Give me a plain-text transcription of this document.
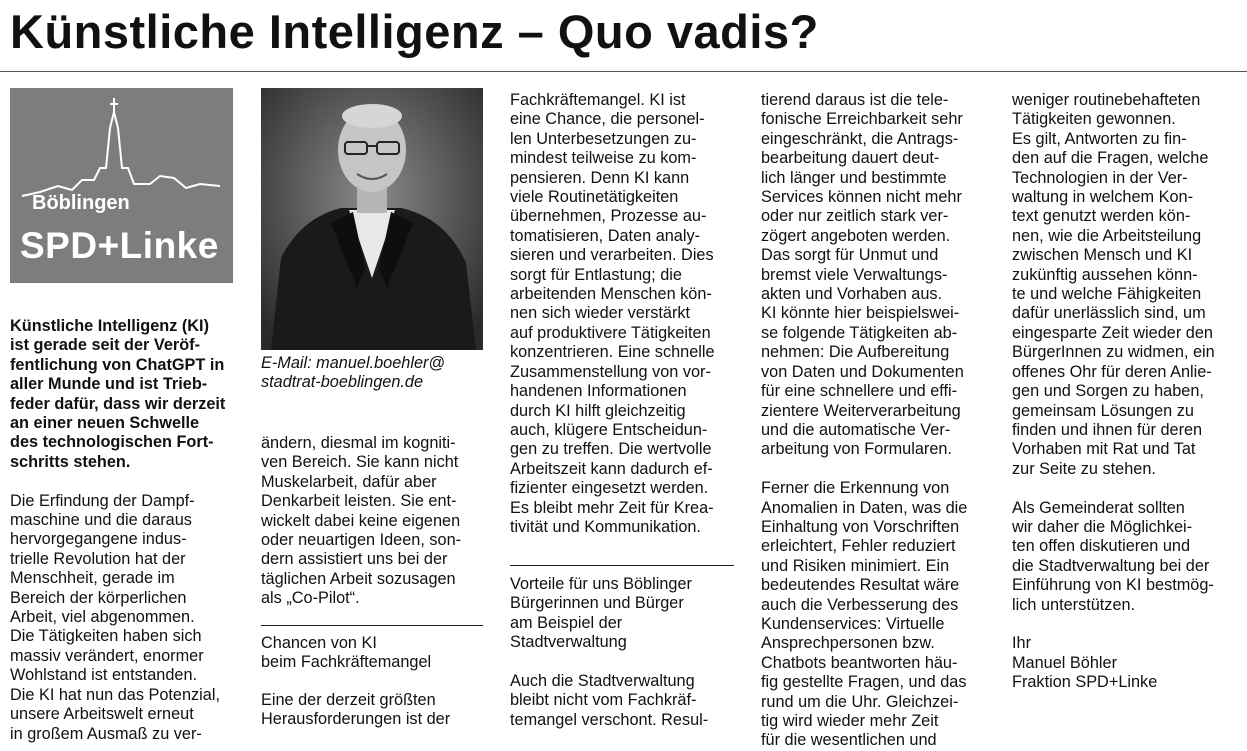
Künstliche Intelligenz – Quo vadis?
Böblingen
SPD+Linke
E-Mail: manuel.boehler@
stadtrat-boeblingen.de

Künstliche Intelligenz (KI)
ist gerade seit der Veröf-
fentlichung von ChatGPT in
aller Munde und ist Trieb-
feder dafür, dass wir derzeit
an einer neuen Schwelle
des technologischen Fort-
schritts stehen.

Die Erfindung der Dampf-
maschine und die daraus
hervorgegangene indus-
trielle Revolution hat der
Menschheit, gerade im
Bereich der körperlichen
Arbeit, viel abgenommen.
Die Tätigkeiten haben sich
massiv verändert, enormer
Wohlstand ist entstanden.
Die KI hat nun das Potenzial,
unsere Arbeitswelt erneut
in großem Ausmaß zu ver-

ändern, diesmal im kogniti-
ven Bereich. Sie kann nicht
Muskelarbeit, dafür aber
Denkarbeit leisten. Sie ent-
wickelt dabei keine eigenen
oder neuartigen Ideen, son-
dern assistiert uns bei der
täglichen Arbeit sozusagen
als „Co-Pilot“.

Chancen von KI
beim Fachkräftemangel

Eine der derzeit größten
Herausforderungen ist der

Fachkräftemangel. KI ist
eine Chance, die personel-
len Unterbesetzungen zu-
mindest teilweise zu kom-
pensieren. Denn KI kann
viele Routinetätigkeiten
übernehmen, Prozesse au-
tomatisieren, Daten analy-
sieren und verarbeiten. Dies
sorgt für Entlastung; die
arbeitenden Menschen kön-
nen sich wieder verstärkt
auf produktivere Tätigkeiten
konzentrieren. Eine schnelle
Zusammenstellung von vor-
handenen Informationen
durch KI hilft gleichzeitig
auch, klügere Entscheidun-
gen zu treffen. Die wertvolle
Arbeitszeit kann dadurch ef-
fizienter eingesetzt werden.
Es bleibt mehr Zeit für Krea-
tivität und Kommunikation.

Vorteile für uns Böblinger
Bürgerinnen und Bürger
am Beispiel der
Stadtverwaltung

Auch die Stadtverwaltung
bleibt nicht vom Fachkräf-
temangel verschont. Resul-

tierend daraus ist die tele-
fonische Erreichbarkeit sehr
eingeschränkt, die Antrags-
bearbeitung dauert deut-
lich länger und bestimmte
Services können nicht mehr
oder nur zeitlich stark ver-
zögert angeboten werden.
Das sorgt für Unmut und
bremst viele Verwaltungs-
akten und Vorhaben aus.
KI könnte hier beispielswei-
se folgende Tätigkeiten ab-
nehmen: Die Aufbereitung
von Daten und Dokumenten
für eine schnellere und effi-
zientere Weiterverarbeitung
und die automatische Ver-
arbeitung von Formularen.

Ferner die Erkennung von
Anomalien in Daten, was die
Einhaltung von Vorschriften
erleichtert, Fehler reduziert
und Risiken minimiert. Ein
bedeutendes Resultat wäre
auch die Verbesserung des
Kundenservices: Virtuelle
Ansprechpersonen bzw.
Chatbots beantworten häu-
fig gestellte Fragen, und das
rund um die Uhr. Gleichzei-
tig wird wieder mehr Zeit
für die wesentlichen und

weniger routinebehafteten
Tätigkeiten gewonnen.
Es gilt, Antworten zu fin-
den auf die Fragen, welche
Technologien in der Ver-
waltung in welchem Kon-
text genutzt werden kön-
nen, wie die Arbeitsteilung
zwischen Mensch und KI
zukünftig aussehen könn-
te und welche Fähigkeiten
dafür unerlässlich sind, um
eingesparte Zeit wieder den
BürgerInnen zu widmen, ein
offenes Ohr für deren Anlie-
gen und Sorgen zu haben,
gemeinsam Lösungen zu
finden und ihnen für deren
Vorhaben mit Rat und Tat
zur Seite zu stehen.

Als Gemeinderat sollten
wir daher die Möglichkei-
ten offen diskutieren und
die Stadtverwaltung bei der
Einführung von KI bestmög-
lich unterstützen.

Ihr
Manuel Böhler
Fraktion SPD+Linke
